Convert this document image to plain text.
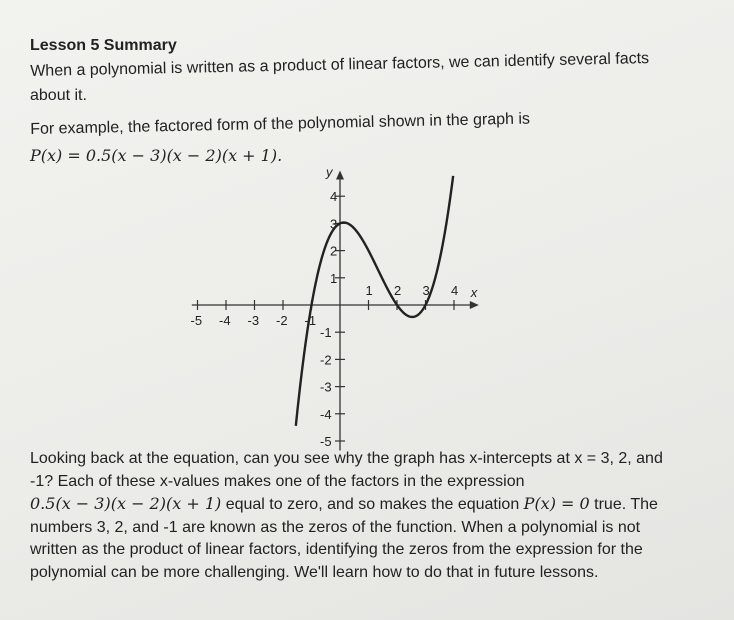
Lesson 5 Summary

When a polynomial is written as a product of linear factors, we can identify several facts

about it.

For example, the factored form of the polynomial shown in the graph is

P(x) = 0.5(x − 3)(x − 2)(x + 1).

x
y
-5 -4 -3 -2 -1
1 2 3 4
-5
-4
-3
-2
-1
1
2
3
4
Looking back at the equation, can you see why the graph has x-intercepts at x = 3, 2, and
-1? Each of these x-values makes one of the factors in the expression
0.5(x − 3)(x − 2)(x + 1) equal to zero, and so makes the equation P(x) = 0 true. The
numbers 3, 2, and -1 are known as the zeros of the function. When a polynomial is not
written as the product of linear factors, identifying the zeros from the expression for the
polynomial can be more challenging. We'll learn how to do that in future lessons.
